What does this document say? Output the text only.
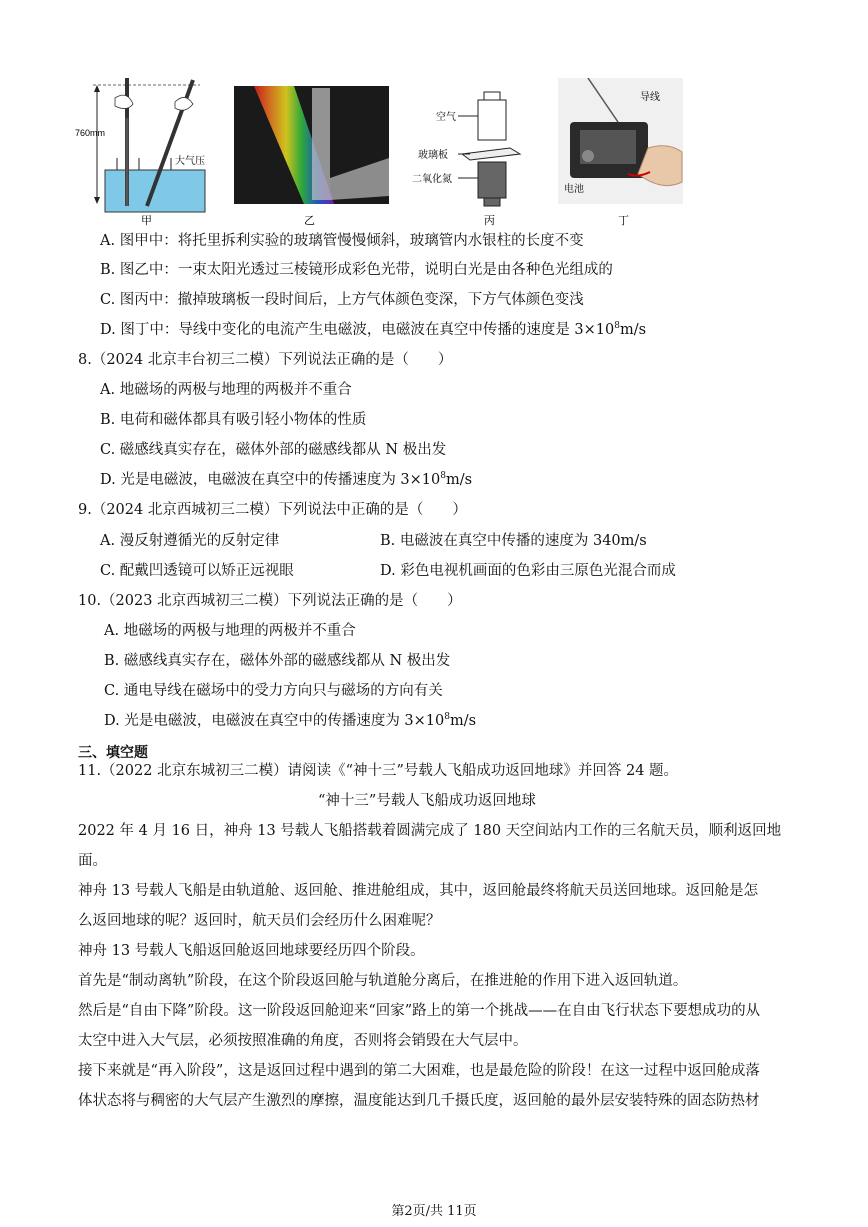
760mm
大气压
甲	乙
空气
玻璃板
二氧化氮
丙
导线
电池
丁
A. 图甲中：将托里拆利实验的玻璃管慢慢倾斜，玻璃管内水银柱的长度不变
B. 图乙中：一束太阳光透过三棱镜形成彩色光带，说明白光是由各种色光组成的
C. 图丙中：撤掉玻璃板一段时间后，上方气体颜色变深，下方气体颜色变浅
D. 图丁中：导线中变化的电流产生电磁波，电磁波在真空中传播的速度是 $3\times 10^8m/s$
8.（2024 北京丰台初三二模）下列说法正确的是（　　）
A. 地磁场的两极与地理的两极并不重合
B. 电荷和磁体都具有吸引轻小物体的性质
C. 磁感线真实存在，磁体外部的磁感线都从 N 极出发
D. 光是电磁波，电磁波在真空中的传播速度为 $3\times 10^8m/s$
9.（2024 北京西城初三二模）下列说法中正确的是（　　）
A. 漫反射遵循光的反射定律	B. 电磁波在真空中传播的速度为 340m/s
C. 配戴凹透镜可以矫正远视眼	D. 彩色电视机画面的色彩由三原色光混合而成
10.（2023 北京西城初三二模）下列说法正确的是（　　）
A. 地磁场的两极与地理的两极并不重合
B. 磁感线真实存在，磁体外部的磁感线都从 N 极出发
C. 通电导线在磁场中的受力方向只与磁场的方向有关
D. 光是电磁波，电磁波在真空中的传播速度为 $3\times 10^8m/s$
三、填空题
11.（2022 北京东城初三二模）请阅读《“神十三”号载人飞船成功返回地球》并回答 24 题。
“神十三”号载人飞船成功返回地球
2022 年 4 月 16 日，神舟 13 号载人飞船搭载着圆满完成了 180 天空间站内工作的三名航天员，顺利返回地
面。
神舟 13 号载人飞船是由轨道舱、返回舱、推进舱组成，其中，返回舱最终将航天员送回地球。返回舱是怎
么返回地球的呢？返回时，航天员们会经历什么困难呢？
神舟 13 号载人飞船返回舱返回地球要经历四个阶段。
首先是“制动离轨”阶段，在这个阶段返回舱与轨道舱分离后，在推进舱的作用下进入返回轨道。
然后是“自由下降”阶段。这一阶段返回舱迎来“回家”路上的第一个挑战——在自由飞行状态下要想成功的从
太空中进入大气层，必须按照准确的角度，否则将会销毁在大气层中。
接下来就是“再入阶段”，这是返回过程中遇到的第二大困难，也是最危险的阶段！在这一过程中返回舱成落
体状态将与稠密的大气层产生激烈的摩擦，温度能达到几千摄氏度，返回舱的最外层安装特殊的固态防热材
第2页/共 11页
